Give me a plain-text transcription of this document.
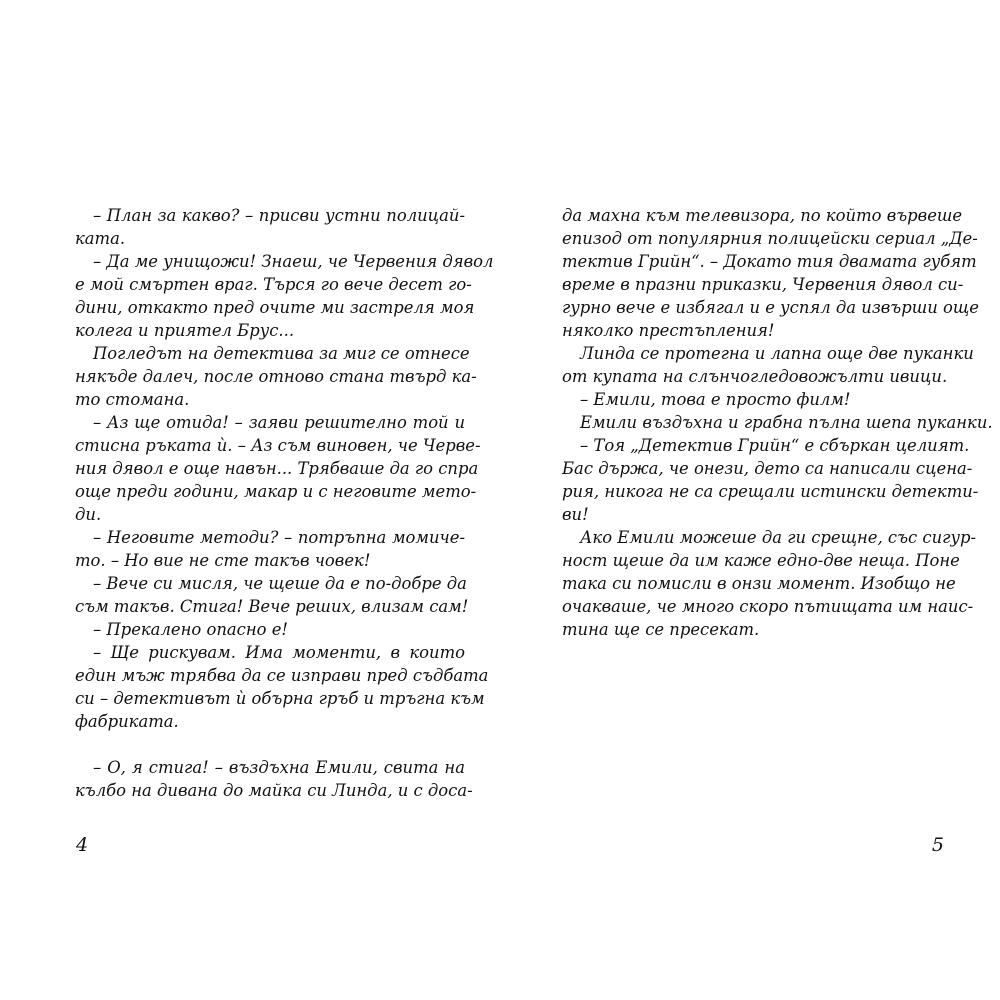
– План за какво? – присви устни полицай-
ката.
– Да ме унищожи! Знаеш, че Червения дявол
е мой смъртен враг. Търся го вече десет го-
дини, откакто пред очите ми застреля моя
колега и приятел Брус...
Погледът на детектива за миг се отнесе
някъде далеч, после отново стана твърд ка-
то стомана.
– Аз ще отида! – заяви решително той и
стисна ръката ѝ. – Аз съм виновен, че Черве-
ния дявол е още навън... Трябваше да го спра
още преди години, макар и с неговите мето-
ди.
– Неговите методи? – потръпна момиче-
то. – Но вие не сте такъв човек!
– Вече си мисля, че щеше да е по-добре да
съм такъв. Стига! Вече реших, влизам сам!
– Прекалено опасно е!
– Ще рискувам. Има моменти, в които
един мъж трябва да се изправи пред съдбата
си – детективът ѝ обърна гръб и тръгна към
фабриката.
– О, я стига! – въздъхна Емили, свита на
кълбо на дивана до майка си Линда, и с доса-
4
да махна към телевизора, по който вървеше
епизод от популярния полицейски сериал „Де-
тектив Грийн“. – Докато тия двамата губят
време в празни приказки, Червения дявол си-
гурно вече е избягал и е успял да извърши още
няколко престъпления!
Линда се протегна и лапна още две пуканки
от купата на слънчогледовожълти ивици.
– Емили, това е просто филм!
Емили въздъхна и грабна пълна шепа пуканки.
– Тоя „Детектив Грийн“ е сбъркан целият.
Бас държа, че онези, дето са написали сцена-
рия, никога не са срещали истински детекти-
ви!
Ако Емили можеше да ги срещне, със сигур-
ност щеше да им каже едно-две неща. Поне
така си помисли в онзи момент. Изобщо не
очакваше, че много скоро пътищата им наис-
тина ще се пресекат.
5
